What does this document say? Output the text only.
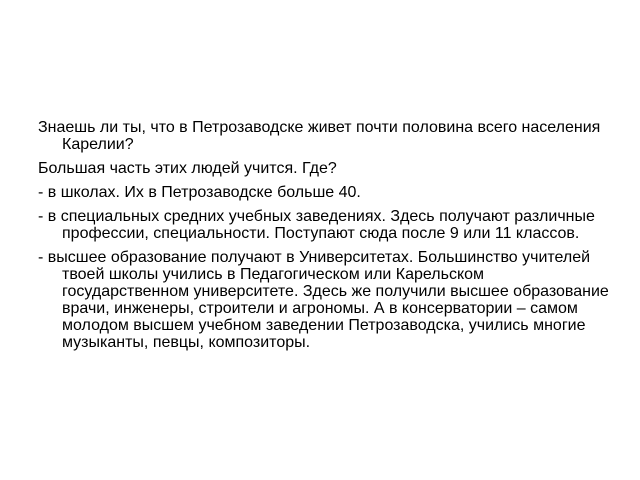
Знаешь ли ты, что в Петрозаводске живет почти половина всего населения Карелии?

Большая часть этих людей учится. Где?

- в школах. Их в Петрозаводске больше 40.

- в специальных средних учебных заведениях. Здесь получают различные профессии, специальности. Поступают сюда после 9 или 11 классов.

- высшее образование получают в Университетах. Большинство учителей твоей школы учились в Педагогическом или Карельском государственном университете. Здесь же получили высшее образование врачи, инженеры, строители и агрономы. А в консерватории – самом молодом высшем учебном заведении Петрозаводска, учились многие музыканты, певцы, композиторы.
